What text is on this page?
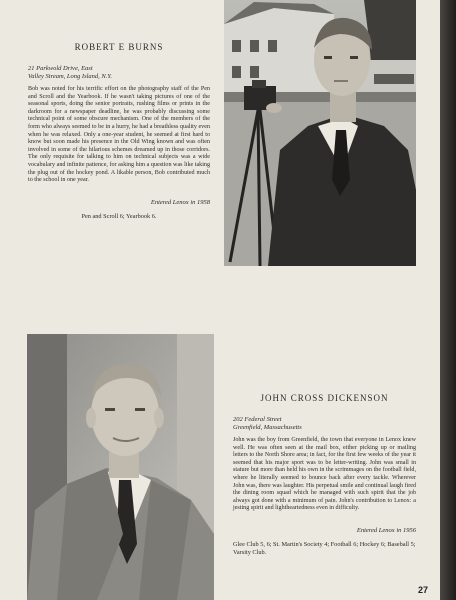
ROBERT E BURNS

21 Parkwold Drive, East
Valley Stream, Long Island, N.Y.

Bob was noted for his terrific effort on the photography staff of the Pen and Scroll and the Yearbook. If he wasn't taking pictures of one of the seasonal sports, doing the senior portraits, rushing films or prints in the darkroom for a newspaper deadline, he was probably discussing some technical point of some obscure mechanism. One of the members of the form who always seemed to be in a hurry, he had a breathless quality even when he was relaxed. Only a one-year student, he seemed at first hard to know but soon made his presence in the Old Wing known and was often involved in some of the hilarious schemes dreamed up in those corridors. The only requisite for talking to him on technical subjects was a wide vocabulary and infinite patience, for asking him a question was like taking the plug out of the hockey pond. A likable person, Bob contributed much to the school in one year.

Entered Lenox in 1958

Pen and Scroll 6; Yearbook 6.

JOHN CROSS DICKENSON

202 Federal Street
Greenfield, Massachusetts

John was the boy from Greenfield, the town that everyone in Lenox knew well. He was often seen at the mail box, either picking up or mailing letters to the North Shore area; in fact, for the first few weeks of the year it seemed that his major sport was to be letter-writing. John was small in stature but more than held his own in the scrimmages on the football field, where he literally seemed to bounce back after every tackle. Wherever John was, there was laughter. His perpetual smile and continual laugh fired the dining room squad which he managed with such spirit that the job always got done with a minimum of pain. John's contribution to Lenox: a jesting spirit and lightheartedness even in difficulty.

Entered Lenox in 1956

Glee Club 5, 6; St. Martin's Society 4; Football 6; Hockey 6; Baseball 5; Varsity Club.

27
